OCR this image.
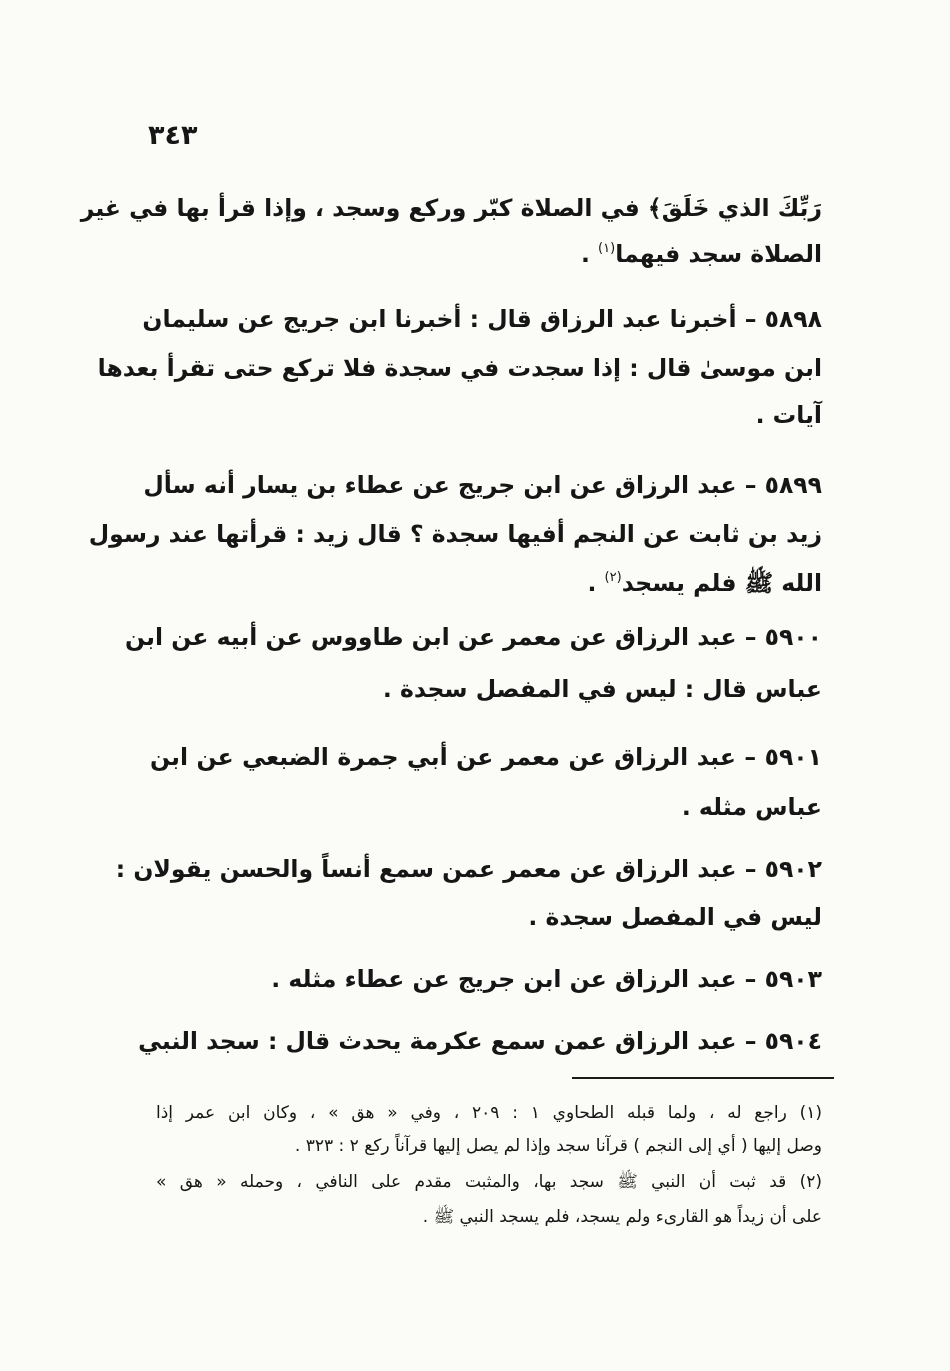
٣٤٣
رَبِّكَ الذي خَلَقَ﴾ في الصلاة كبّر وركع وسجد ، وإذا قرأ بها في غير
الصلاة سجد فيهما$^{(١)}$ .
٥٨٩٨ – أخبرنا عبد الرزاق قال : أخبرنا ابن جريج عن سليمان
ابن موسىٰ قال : إذا سجدت في سجدة فلا تركع حتى تقرأ بعدها
آيات .
٥٨٩٩ – عبد الرزاق عن ابن جريج عن عطاء بن يسار أنه سأل
زيد بن ثابت عن النجم أفيها سجدة ؟ قال زيد : قرأتها عند رسول
الله ﷺ فلم يسجد$^{(٢)}$ .
٥٩٠٠ – عبد الرزاق عن معمر عن ابن طاووس عن أبيه عن ابن
عباس قال : ليس في المفصل سجدة .
٥٩٠١ – عبد الرزاق عن معمر عن أبي جمرة الضبعي عن ابن
عباس مثله .
٥٩٠٢ – عبد الرزاق عن معمر عمن سمع أنساً والحسن يقولان :
ليس في المفصل سجدة .
٥٩٠٣ – عبد الرزاق عن ابن جريج عن عطاء مثله .
٥٩٠٤ – عبد الرزاق عمن سمع عكرمة يحدث قال : سجد النبي
(١) راجع له ، ولما قبله الطحاوي ١ : ٢٠٩ ، وفي « هق » ، وكان ابن عمر إذا
وصل إليها ( أي إلى النجم ) قرآنا سجد وإذا لم يصل إليها قرآناً ركع ٢ : ٣٢٣ .
(٢) قد ثبت أن النبي ﷺ سجد بها، والمثبت مقدم على النافي ، وحمله « هق »
على أن زيداً هو القارىء ولم يسجد، فلم يسجد النبي ﷺ .
